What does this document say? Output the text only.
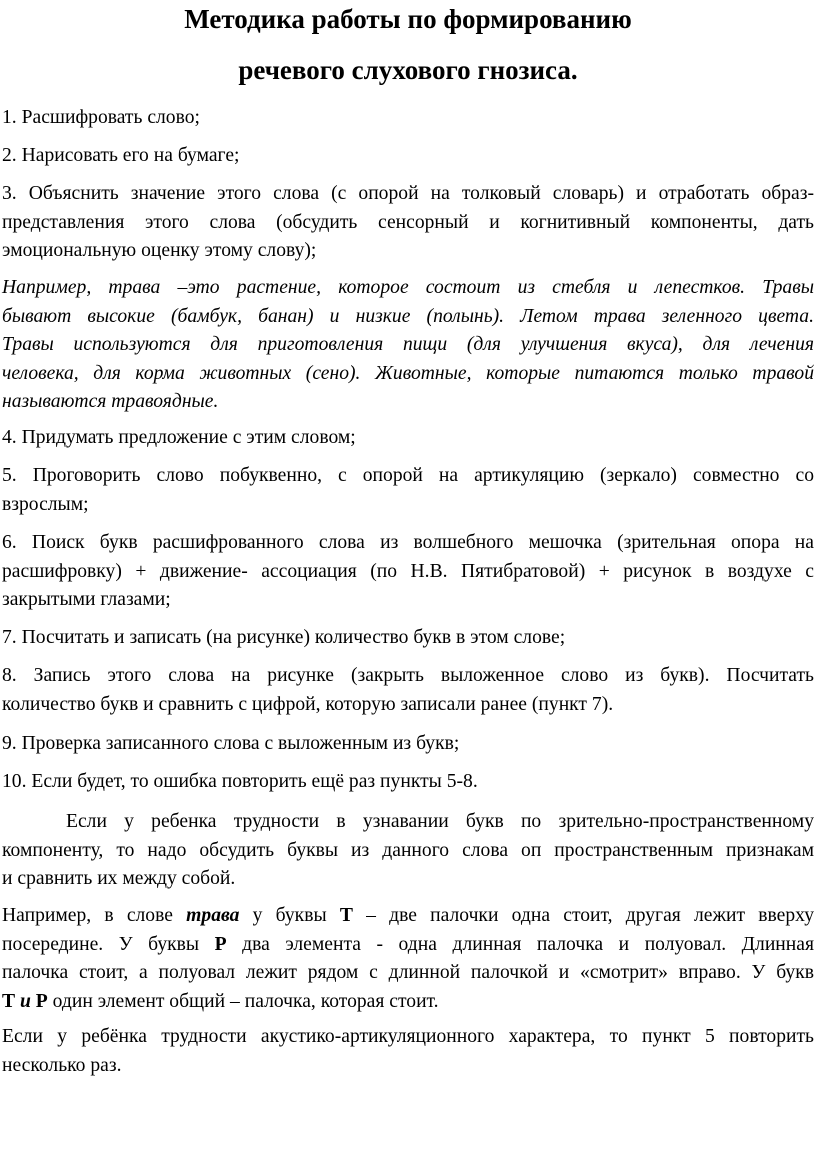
Методика работы по формированию
речевого слухового гнозиса.
1. Расшифровать слово;
2. Нарисовать его на бумаге;
3. Объяснить значение этого слова (с опорой на толковый словарь) и отработать образ-
представления этого слова (обсудить сенсорный и когнитивный компоненты, дать
эмоциональную оценку этому слову);
Например, трава –это растение, которое состоит из стебля и лепестков. Травы
бывают высокие (бамбук, банан) и низкие (полынь). Летом трава зеленного цвета.
Травы используются для приготовления пищи (для улучшения вкуса), для лечения
человека, для корма животных (сено). Животные, которые питаются только травой
называются травоядные.
4. Придумать предложение с этим словом;
5. Проговорить слово побуквенно, с опорой на артикуляцию (зеркало) совместно со
взрослым;
6. Поиск букв расшифрованного слова из волшебного мешочка (зрительная опора на
расшифровку) + движение- ассоциация (по Н.В. Пятибратовой) + рисунок в воздухе с
закрытыми глазами;
7. Посчитать и записать (на рисунке) количество букв в этом слове;
8. Запись этого слова на рисунке (закрыть выложенное слово из букв). Посчитать
количество букв и сравнить с цифрой, которую записали ранее (пункт 7).
9. Проверка записанного слова с выложенным из букв;
10. Если будет, то ошибка повторить ещё раз пункты 5-8.
Если у ребенка трудности в узнавании букв по зрительно-пространственному
компоненту, то надо обсудить буквы из данного слова оп пространственным признакам
и сравнить их между собой.
Например, в слове трава у буквы Т – две палочки одна стоит, другая лежит вверху
посередине. У буквы Р два элемента - одна длинная палочка и полуовал. Длинная
палочка стоит, а полуовал лежит рядом с длинной палочкой и «смотрит» вправо. У букв
Т и Р один элемент общий – палочка, которая стоит.
Если у ребёнка трудности акустико-артикуляционного характера, то пункт 5 повторить
несколько раз.
